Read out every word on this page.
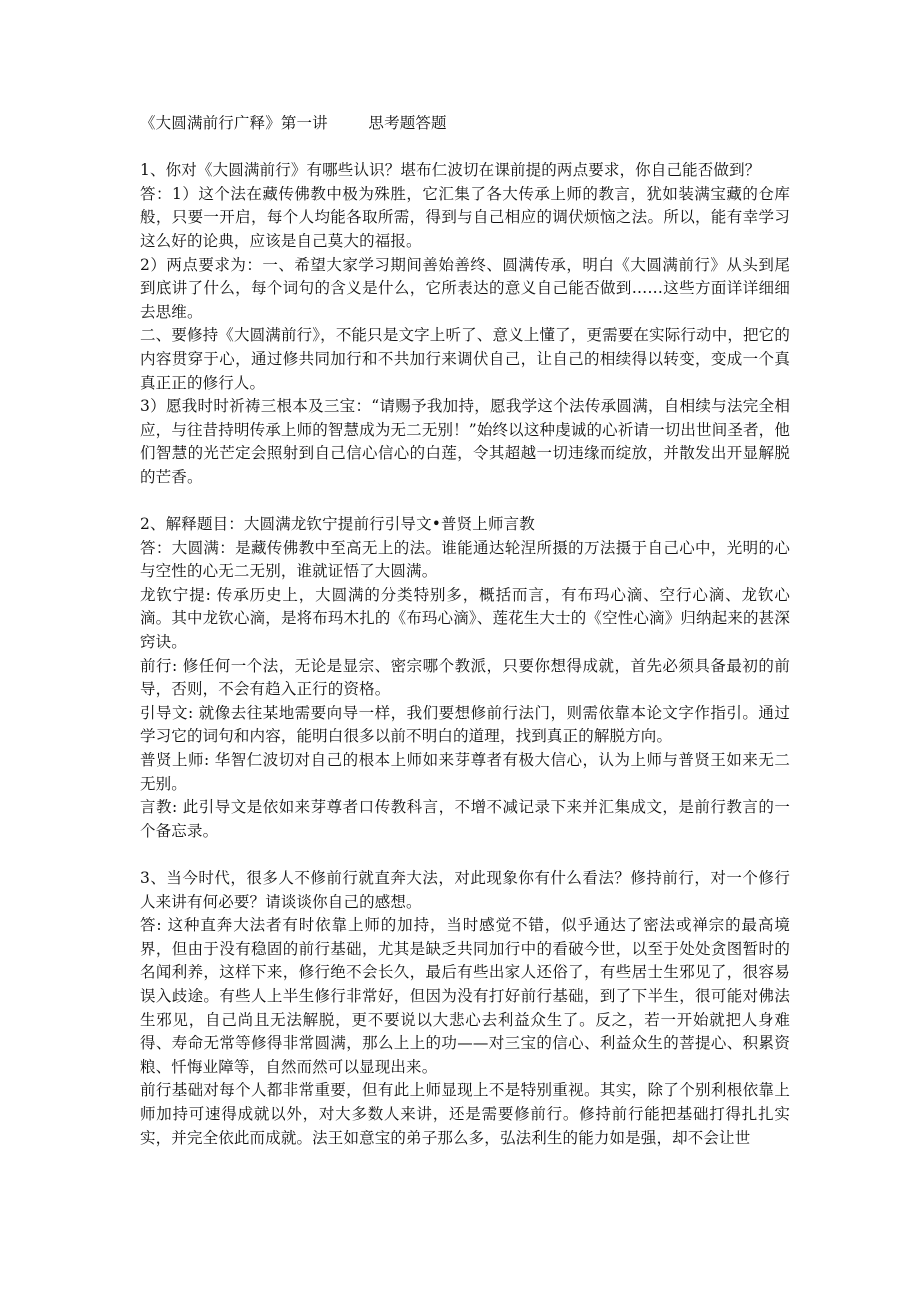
《大圆满前行广释》第一讲        思考题答题

1、你对《大圆满前行》有哪些认识？堪布仁波切在课前提的两点要求，你自己能否做到？

答：1）这个法在藏传佛教中极为殊胜，它汇集了各大传承上师的教言，犹如装满宝藏的仓库般，只要一开启，每个人均能各取所需，得到与自己相应的调伏烦恼之法。所以，能有幸学习这么好的论典，应该是自己莫大的福报。

2）两点要求为：一、希望大家学习期间善始善终、圆满传承，明白《大圆满前行》从头到尾到底讲了什么，每个词句的含义是什么，它所表达的意义自己能否做到……这些方面详详细细去思维。

二、要修持《大圆满前行》，不能只是文字上听了、意义上懂了，更需要在实际行动中，把它的内容贯穿于心，通过修共同加行和不共加行来调伏自己，让自己的相续得以转变，变成一个真真正正的修行人。

3）愿我时时祈祷三根本及三宝：“请赐予我加持，愿我学这个法传承圆满，自相续与法完全相应，与往昔持明传承上师的智慧成为无二无别！”始终以这种虔诚的心祈请一切出世间圣者，他们智慧的光芒定会照射到自己信心信心的白莲，令其超越一切违缘而绽放，并散发出开显解脱的芒香。

2、解释题目：大圆满龙钦宁提前行引导文•普贤上师言教

答：大圆满：是藏传佛教中至高无上的法。谁能通达轮涅所摄的万法摄于自己心中，光明的心与空性的心无二无别，谁就证悟了大圆满。

龙钦宁提: 传承历史上，大圆满的分类特别多，概括而言，有布玛心滴、空行心滴、龙钦心滴。其中龙钦心滴，是将布玛木扎的《布玛心滴》、莲花生大士的《空性心滴》归纳起来的甚深窍诀。

前行: 修任何一个法，无论是显宗、密宗哪个教派，只要你想得成就，首先必须具备最初的前导，否则，不会有趋入正行的资格。

引导文: 就像去往某地需要向导一样，我们要想修前行法门，则需依靠本论文字作指引。通过学习它的词句和内容，能明白很多以前不明白的道理，找到真正的解脱方向。

普贤上师: 华智仁波切对自己的根本上师如来芽尊者有极大信心，认为上师与普贤王如来无二无别。

言教: 此引导文是依如来芽尊者口传教科言，不增不减记录下来并汇集成文，是前行教言的一个备忘录。

3、当今时代，很多人不修前行就直奔大法，对此现象你有什么看法？修持前行，对一个修行人来讲有何必要？请谈谈你自己的感想。

答: 这种直奔大法者有时依靠上师的加持，当时感觉不错，似乎通达了密法或禅宗的最高境界，但由于没有稳固的前行基础，尤其是缺乏共同加行中的看破今世，以至于处处贪图暂时的名闻利养，这样下来，修行绝不会长久，最后有些出家人还俗了，有些居士生邪见了，很容易误入歧途。有些人上半生修行非常好，但因为没有打好前行基础，到了下半生，很可能对佛法生邪见，自己尚且无法解脱，更不要说以大悲心去利益众生了。反之，若一开始就把人身难得、寿命无常等修得非常圆满，那么上上的功——对三宝的信心、利益众生的菩提心、积累资粮、忏悔业障等，自然而然可以显现出来。

前行基础对每个人都非常重要，但有此上师显现上不是特别重视。其实，除了个别利根依靠上师加持可速得成就以外，对大多数人来讲，还是需要修前行。修持前行能把基础打得扎扎实实，并完全依此而成就。法王如意宝的弟子那么多，弘法利生的能力如是强，却不会让世
